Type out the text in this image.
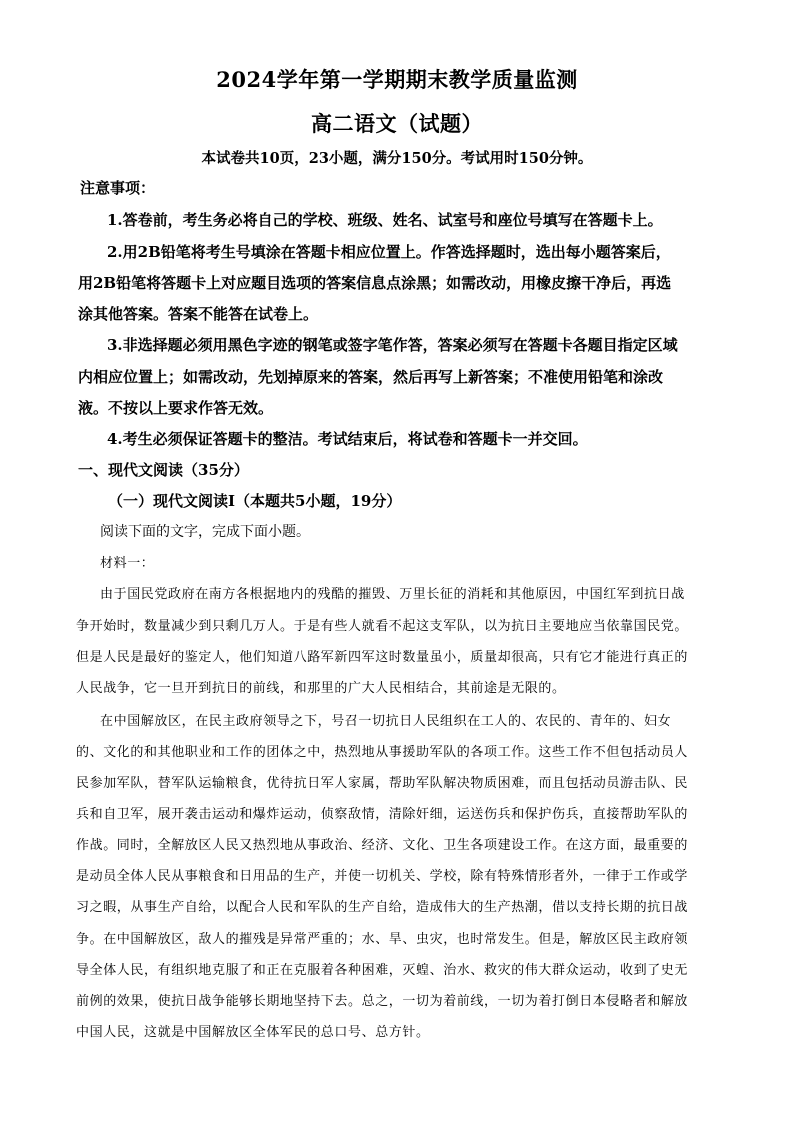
2024学年第一学期期末教学质量监测
高二语文（试题）
本试卷共10页，23小题，满分150分。考试用时150分钟。
注意事项：
1.答卷前，考生务必将自己的学校、班级、姓名、试室号和座位号填写在答题卡上。
2.用2B铅笔将考生号填涂在答题卡相应位置上。作答选择题时，选出每小题答案后，
用2B铅笔将答题卡上对应题目选项的答案信息点涂黑；如需改动，用橡皮擦干净后，再选
涂其他答案。答案不能答在试卷上。
3.非选择题必须用黑色字迹的钢笔或签字笔作答，答案必须写在答题卡各题目指定区域
内相应位置上；如需改动，先划掉原来的答案，然后再写上新答案；不准使用铅笔和涂改
液。不按以上要求作答无效。
4.考生必须保证答题卡的整洁。考试结束后，将试卷和答题卡一并交回。
一、现代文阅读（35分）
（一）现代文阅读Ⅰ（本题共5小题，19分）
阅读下面的文字，完成下面小题。
材料一：
由于国民党政府在南方各根据地内的残酷的摧毁、万里长征的消耗和其他原因，中国红军到抗日战
争开始时，数量减少到只剩几万人。于是有些人就看不起这支军队，以为抗日主要地应当依靠国民党。
但是人民是最好的鉴定人，他们知道八路军新四军这时数量虽小，质量却很高，只有它才能进行真正的
人民战争，它一旦开到抗日的前线，和那里的广大人民相结合，其前途是无限的。
在中国解放区，在民主政府领导之下，号召一切抗日人民组织在工人的、农民的、青年的、妇女
的、文化的和其他职业和工作的团体之中，热烈地从事援助军队的各项工作。这些工作不但包括动员人
民参加军队，替军队运输粮食，优待抗日军人家属，帮助军队解决物质困难，而且包括动员游击队、民
兵和自卫军，展开袭击运动和爆炸运动，侦察敌情，清除奸细，运送伤兵和保护伤兵，直接帮助军队的
作战。同时，全解放区人民又热烈地从事政治、经济、文化、卫生各项建设工作。在这方面，最重要的
是动员全体人民从事粮食和日用品的生产，并使一切机关、学校，除有特殊情形者外，一律于工作或学
习之暇，从事生产自给，以配合人民和军队的生产自给，造成伟大的生产热潮，借以支持长期的抗日战
争。在中国解放区，敌人的摧残是异常严重的；水、旱、虫灾，也时常发生。但是，解放区民主政府领
导全体人民，有组织地克服了和正在克服着各种困难，灭蝗、治水、救灾的伟大群众运动，收到了史无
前例的效果，使抗日战争能够长期地坚持下去。总之，一切为着前线，一切为着打倒日本侵略者和解放
中国人民，这就是中国解放区全体军民的总口号、总方针。
